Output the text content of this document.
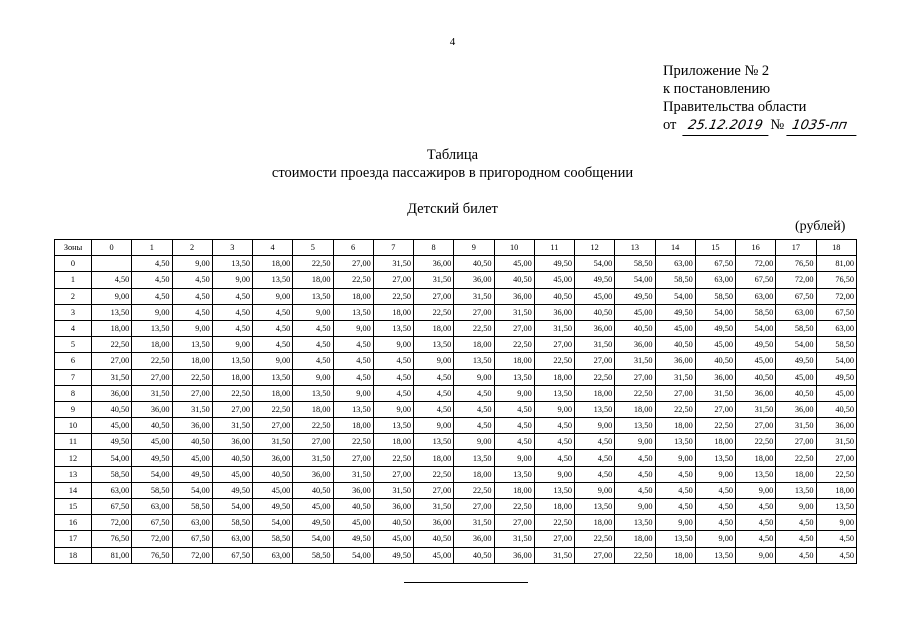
4
Приложение № 2
к постановлению
Правительства области
от 25.12.2019 № 1035-пп
Таблица
стоимости проезда пассажиров в пригородном сообщении
Детский билет
(рублей)
Зоны	0	1	2	3	4	5	6	7	8	9	10	11	12	13	14	15	16	17	18
0		4,50	9,00	13,50	18,00	22,50	27,00	31,50	36,00	40,50	45,00	49,50	54,00	58,50	63,00	67,50	72,00	76,50	81,00
1	4,50	4,50	4,50	9,00	13,50	18,00	22,50	27,00	31,50	36,00	40,50	45,00	49,50	54,00	58,50	63,00	67,50	72,00	76,50
2	9,00	4,50	4,50	4,50	9,00	13,50	18,00	22,50	27,00	31,50	36,00	40,50	45,00	49,50	54,00	58,50	63,00	67,50	72,00
3	13,50	9,00	4,50	4,50	4,50	9,00	13,50	18,00	22,50	27,00	31,50	36,00	40,50	45,00	49,50	54,00	58,50	63,00	67,50
4	18,00	13,50	9,00	4,50	4,50	4,50	9,00	13,50	18,00	22,50	27,00	31,50	36,00	40,50	45,00	49,50	54,00	58,50	63,00
5	22,50	18,00	13,50	9,00	4,50	4,50	4,50	9,00	13,50	18,00	22,50	27,00	31,50	36,00	40,50	45,00	49,50	54,00	58,50
6	27,00	22,50	18,00	13,50	9,00	4,50	4,50	4,50	9,00	13,50	18,00	22,50	27,00	31,50	36,00	40,50	45,00	49,50	54,00
7	31,50	27,00	22,50	18,00	13,50	9,00	4,50	4,50	4,50	9,00	13,50	18,00	22,50	27,00	31,50	36,00	40,50	45,00	49,50
8	36,00	31,50	27,00	22,50	18,00	13,50	9,00	4,50	4,50	4,50	9,00	13,50	18,00	22,50	27,00	31,50	36,00	40,50	45,00
9	40,50	36,00	31,50	27,00	22,50	18,00	13,50	9,00	4,50	4,50	4,50	9,00	13,50	18,00	22,50	27,00	31,50	36,00	40,50
10	45,00	40,50	36,00	31,50	27,00	22,50	18,00	13,50	9,00	4,50	4,50	4,50	9,00	13,50	18,00	22,50	27,00	31,50	36,00
11	49,50	45,00	40,50	36,00	31,50	27,00	22,50	18,00	13,50	9,00	4,50	4,50	4,50	9,00	13,50	18,00	22,50	27,00	31,50
12	54,00	49,50	45,00	40,50	36,00	31,50	27,00	22,50	18,00	13,50	9,00	4,50	4,50	4,50	9,00	13,50	18,00	22,50	27,00
13	58,50	54,00	49,50	45,00	40,50	36,00	31,50	27,00	22,50	18,00	13,50	9,00	4,50	4,50	4,50	9,00	13,50	18,00	22,50
14	63,00	58,50	54,00	49,50	45,00	40,50	36,00	31,50	27,00	22,50	18,00	13,50	9,00	4,50	4,50	4,50	9,00	13,50	18,00
15	67,50	63,00	58,50	54,00	49,50	45,00	40,50	36,00	31,50	27,00	22,50	18,00	13,50	9,00	4,50	4,50	4,50	9,00	13,50
16	72,00	67,50	63,00	58,50	54,00	49,50	45,00	40,50	36,00	31,50	27,00	22,50	18,00	13,50	9,00	4,50	4,50	4,50	9,00
17	76,50	72,00	67,50	63,00	58,50	54,00	49,50	45,00	40,50	36,00	31,50	27,00	22,50	18,00	13,50	9,00	4,50	4,50	4,50
18	81,00	76,50	72,00	67,50	63,00	58,50	54,00	49,50	45,00	40,50	36,00	31,50	27,00	22,50	18,00	13,50	9,00	4,50	4,50
